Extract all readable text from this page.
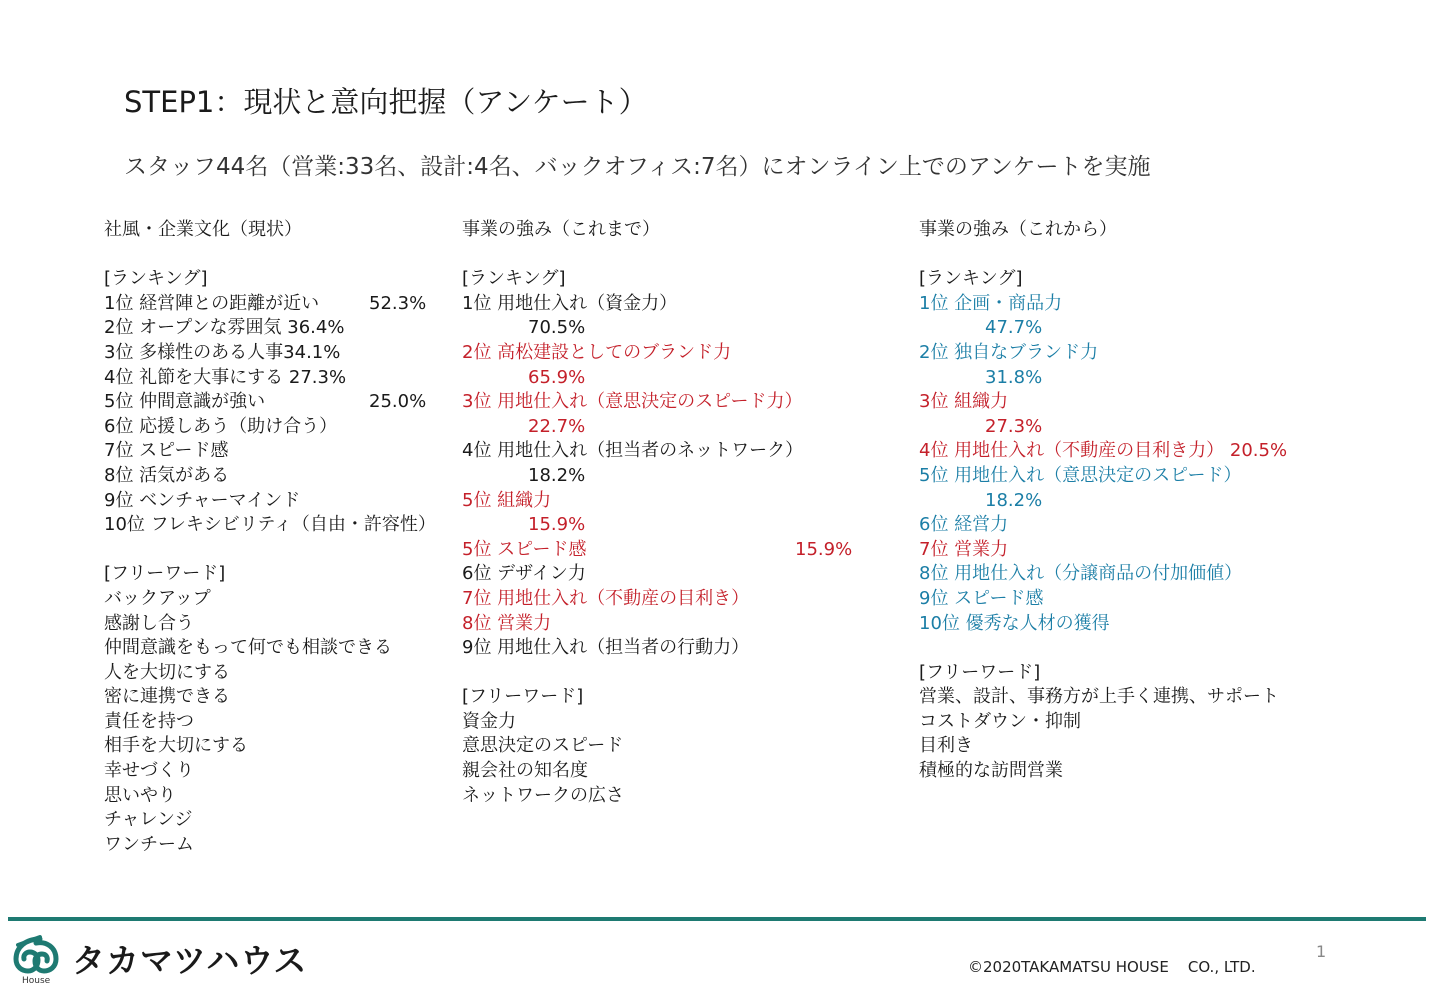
STEP1：現状と意向把握（アンケート）
スタッフ44名（営業:33名、設計:4名、バックオフィス:7名）にオンライン上でのアンケートを実施
社風・企業文化（現状）
[ランキング]
1位 経営陣との距離が近い	52.3%
2位 オープンな雰囲気 36.4%
3位 多様性のある人事34.1%
4位 礼節を大事にする 27.3%
5位 仲間意識が強い	25.0%
6位 応援しあう（助け合う）
7位 スピード感
8位 活気がある
9位 ベンチャーマインド
10位 フレキシビリティ（自由・許容性）
[フリーワード]
バックアップ
感謝し合う
仲間意識をもって何でも相談できる
人を大切にする
密に連携できる
責任を持つ
相手を大切にする
幸せづくり
思いやり
チャレンジ
ワンチーム
事業の強み（これまで）
[ランキング]
1位 用地仕入れ（資金力）
70.5%
2位 高松建設としてのブランド力
65.9%
3位 用地仕入れ（意思決定のスピード力）
22.7%
4位 用地仕入れ（担当者のネットワーク）
18.2%
5位 組織力
15.9%
5位 スピード感	15.9%
6位 デザイン力
7位 用地仕入れ（不動産の目利き）
8位 営業力
9位 用地仕入れ（担当者の行動力）
[フリーワード]
資金力
意思決定のスピード
親会社の知名度
ネットワークの広さ
事業の強み（これから）
[ランキング]
1位 企画・商品力
47.7%
2位 独自なブランド力
31.8%
3位 組織力
27.3%
4位 用地仕入れ（不動産の目利き力） 20.5%
5位 用地仕入れ（意思決定のスピード）
18.2%
6位 経営力
7位 営業力
8位 用地仕入れ（分譲商品の付加価値）
9位 スピード感
10位 優秀な人材の獲得
[フリーワード]
営業、設計、事務方が上手く連携、サポート
コストダウン・抑制
目利き
積極的な訪問営業
House
タカマツハウス	©2020TAKAMATSU HOUSE    CO., LTD.
1
